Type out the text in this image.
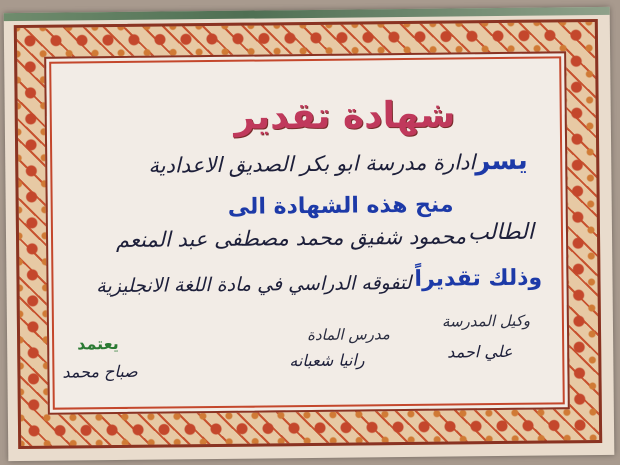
شهادة تقدير
يسر
ادارة مدرسة ابو بكر الصديق الاعدادية
منح هذه الشهادة الى
الطالب
محمود شفيق محمد مصطفى عبد المنعم
وذلك تقديراً
لتفوقه الدراسي في مادة اللغة الانجليزية
يعتمد
صباح محمد
مدرس المادة
رانيا شعبانه
وكيل المدرسة
علي احمد
